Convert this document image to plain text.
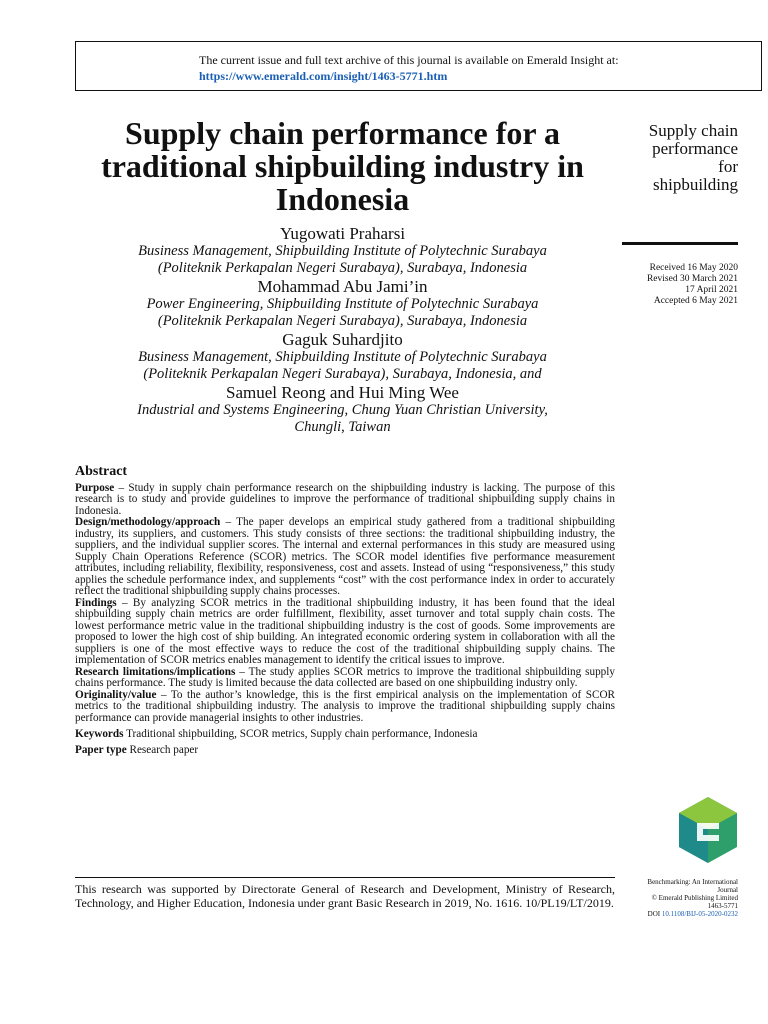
The current issue and full text archive of this journal is available on Emerald Insight at:
https://www.emerald.com/insight/1463-5771.htm
Supply chain performance for a traditional shipbuilding industry in Indonesia
Yugowati Praharsi
Business Management, Shipbuilding Institute of Polytechnic Surabaya
(Politeknik Perkapalan Negeri Surabaya), Surabaya, Indonesia
Mohammad Abu Jami’in
Power Engineering, Shipbuilding Institute of Polytechnic Surabaya
(Politeknik Perkapalan Negeri Surabaya), Surabaya, Indonesia
Gaguk Suhardjito
Business Management, Shipbuilding Institute of Polytechnic Surabaya
(Politeknik Perkapalan Negeri Surabaya), Surabaya, Indonesia, and
Samuel Reong and Hui Ming Wee
Industrial and Systems Engineering, Chung Yuan Christian University,
Chungli, Taiwan
Supply chain
performance
for
shipbuilding
Received 16 May 2020
Revised 30 March 2021
17 April 2021
Accepted 6 May 2021
Abstract

Purpose – Study in supply chain performance research on the shipbuilding industry is lacking. The purpose of this research is to study and provide guidelines to improve the performance of traditional shipbuilding supply chains in Indonesia.

Design/methodology/approach – The paper develops an empirical study gathered from a traditional shipbuilding industry, its suppliers, and customers. This study consists of three sections: the traditional shipbuilding industry, the suppliers, and the individual supplier scores. The internal and external performances in this study are measured using Supply Chain Operations Reference (SCOR) metrics. The SCOR model identifies five performance measurement attributes, including reliability, flexibility, responsiveness, cost and assets. Instead of using “responsiveness,” this study applies the schedule performance index, and supplements “cost” with the cost performance index in order to accurately reflect the traditional shipbuilding supply chains processes.

Findings – By analyzing SCOR metrics in the traditional shipbuilding industry, it has been found that the ideal shipbuilding supply chain metrics are order fulfillment, flexibility, asset turnover and total supply chain costs. The lowest performance metric value in the traditional shipbuilding industry is the cost of goods. Some improvements are proposed to lower the high cost of ship building. An integrated economic ordering system in collaboration with all the suppliers is one of the most effective ways to reduce the cost of the traditional shipbuilding supply chains. The implementation of SCOR metrics enables management to identify the critical issues to improve.

Research limitations/implications – The study applies SCOR metrics to improve the traditional shipbuilding supply chains performance. The study is limited because the data collected are based on one shipbuilding industry only.

Originality/value – To the author’s knowledge, this is the first empirical analysis on the implementation of SCOR metrics to the traditional shipbuilding industry. The analysis to improve the traditional shipbuilding supply chains performance can provide managerial insights to other industries.

Keywords Traditional shipbuilding, SCOR metrics, Supply chain performance, Indonesia

Paper type Research paper

This research was supported by Directorate General of Research and Development, Ministry of Research, Technology, and Higher Education, Indonesia under grant Basic Research in 2019, No. 1616. 10/PL19/LT/2019.
Benchmarking: An International
Journal
© Emerald Publishing Limited
1463-5771
DOI 10.1108/BIJ-05-2020-0232
